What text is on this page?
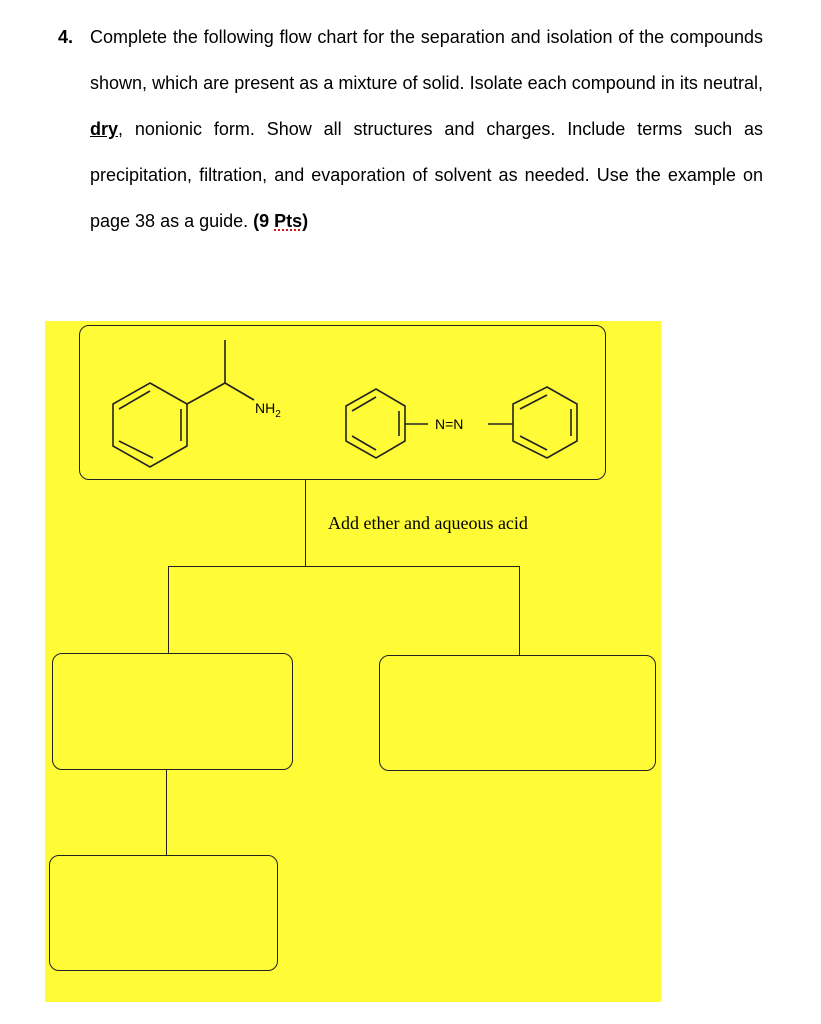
4. Complete the following flow chart for the separation and isolation of the compounds shown, which are present as a mixture of solid. Isolate each compound in its neutral, dry, nonionic form. Show all structures and charges. Include terms such as precipitation, filtration, and evaporation of solvent as needed. Use the example on page 38 as a guide. (9 Pts)
Add ether and aqueous acid
$NH_2$
N=N
